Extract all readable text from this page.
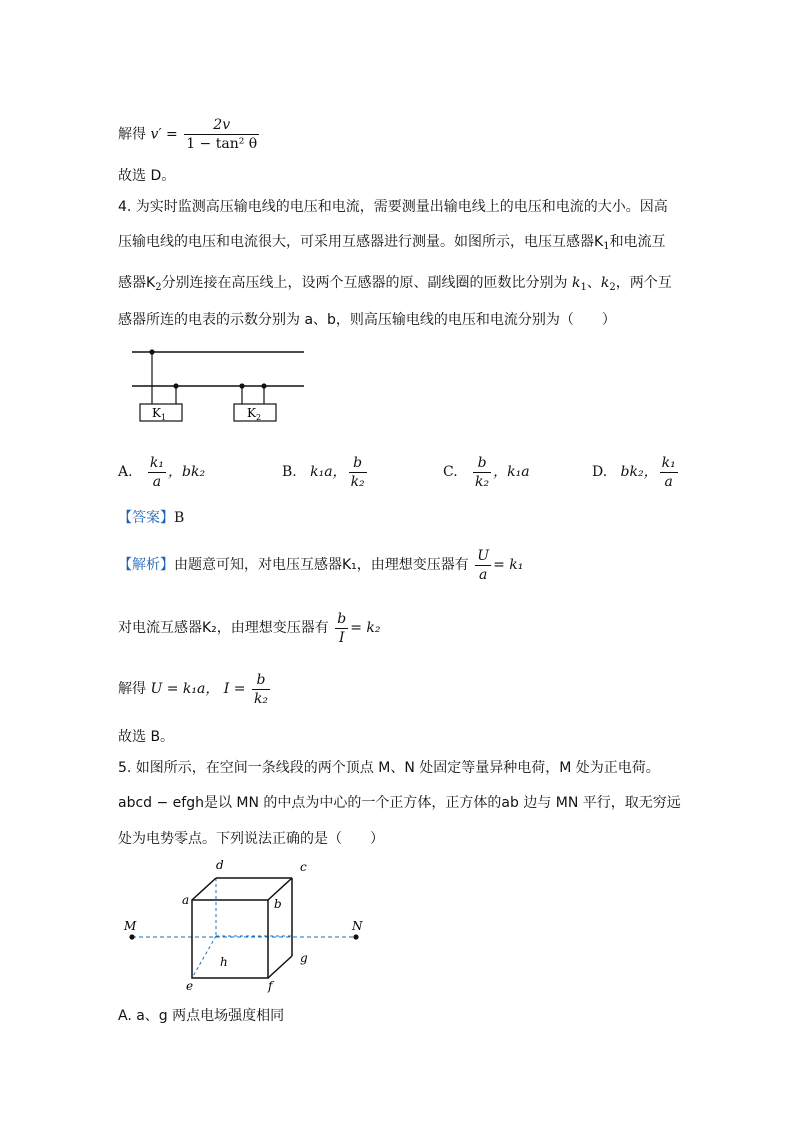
解得 $v' = \frac{2v}{\text{1 − tan² θ}}$
故选 D。
4. 为实时监测高压输电线的电压和电流，需要测量出输电线上的电压和电流的大小。因高
压输电线的电压和电流很大，可采用互感器进行测量。如图所示，电压互感器$K_1$和电流互
感器$K_2$分别连接在高压线上，设两个互感器的原、副线圈的匝数比分别为 $k_1$、$k_2$，两个互
感器所连的电表的示数分别为 a、b，则高压输电线的电压和电流分别为（　　）
$K_1$	$K_2$
A. $\frac{\text{k₁}}{a}$ ，bk₂	B. k₁a， $\frac{b}{\text{k₂}}$	C. $\frac{b}{\text{k₂}}$ ，k₁a	D. bk₂， $\frac{\text{k₁}}{a}$
【答案】B
【解析】由题意可知，对电压互感器K₁，由理想变压器有 $\frac{U}{a} = k_1$
对电流互感器K₂，由理想变压器有 $\frac{b}{I} = k_2$
解得 U = k₁a， $I = \frac{b}{\text{k₂}}$
故选 B。
5. 如图所示，在空间一条线段的两个顶点 M、N 处固定等量异种电荷，M 处为正电荷。
abcd − efgh是以 MN 的中点为中心的一个正方体，正方体的ab 边与 MN 平行，取无穷远
处为电势零点。下列说法正确的是（　　）
d	c
a	b
M	N
h	g
e	f
A. a、g 两点电场强度相同
